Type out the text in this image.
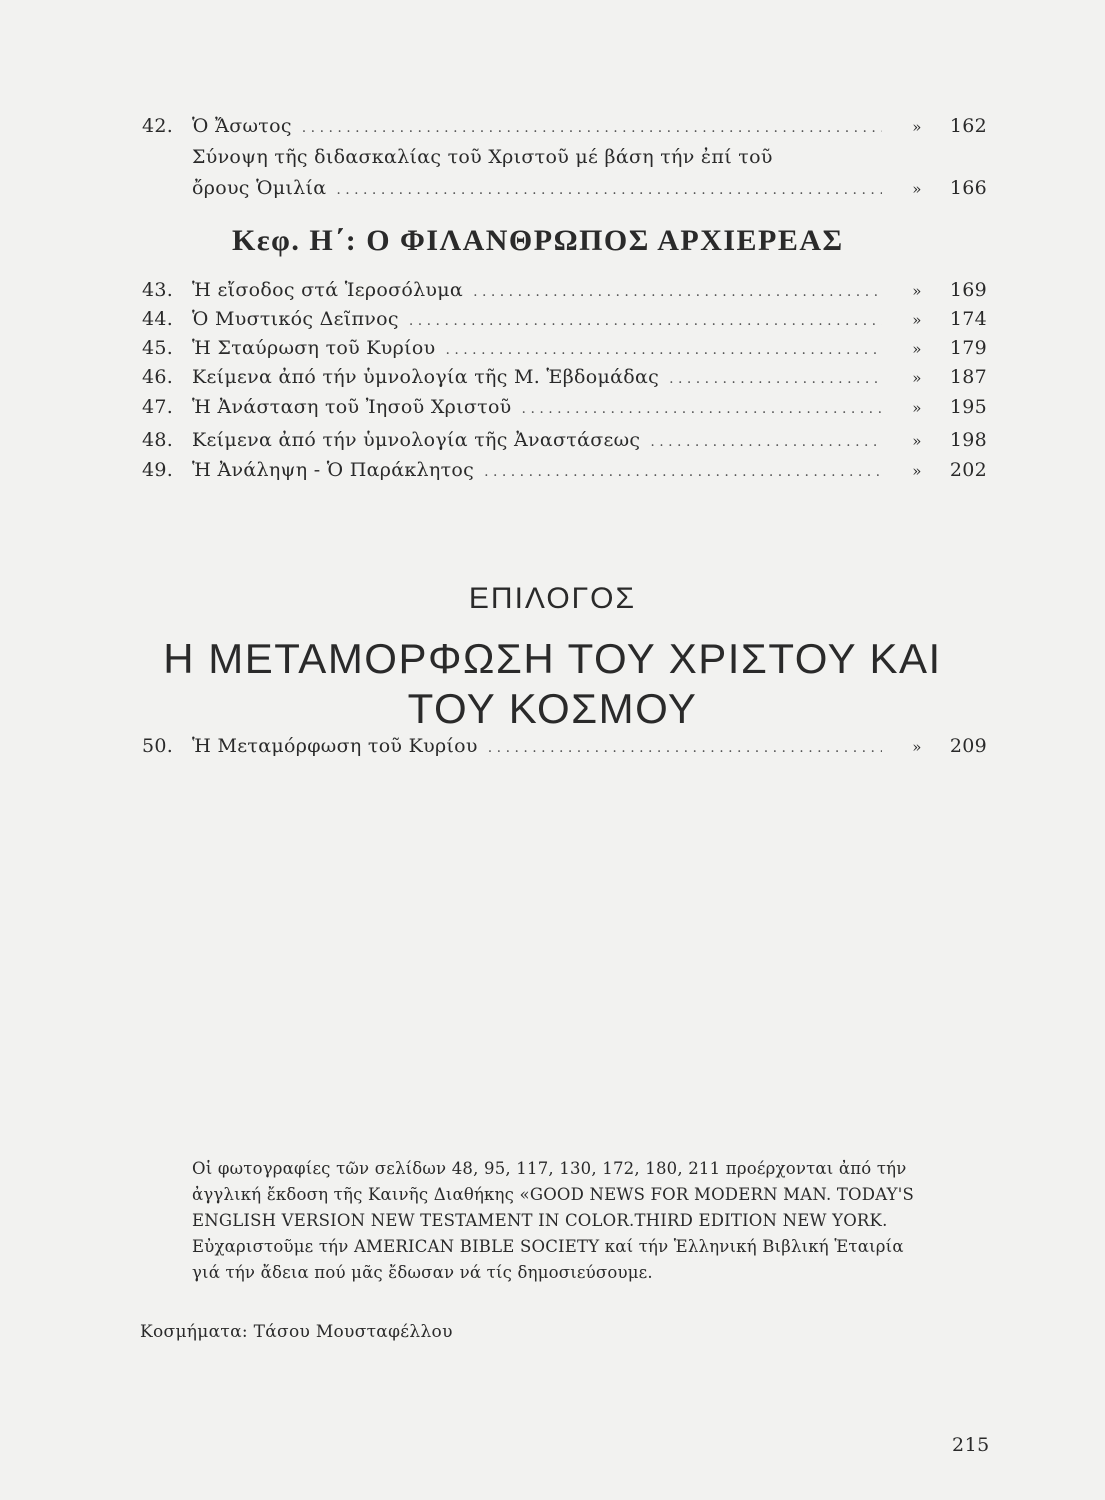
42. Ὁ Ἄσωτος . . .	»	162
Σύνοψη τῆς διδασκαλίας τοῦ Χριστοῦ μέ βάση τήν ἐπί τοῦ
ὄρους Ὁμιλία . . .	»	166
Κεφ. Η΄: Ο ΦΙΛΑΝΘΡΩΠΟΣ ΑΡΧΙΕΡΕΑΣ
43. Ἡ εἴσοδος στά Ἱεροσόλυμα . . .	»	169
44. Ὁ Μυστικός Δεῖπνος . . .	»	174
45. Ἡ Σταύρωση τοῦ Κυρίου . . .	»	179
46. Κείμενα ἀπό τήν ὑμνολογία τῆς Μ. Ἑβδομάδας . . .	»	187
47. Ἡ Ἀνάσταση τοῦ Ἰησοῦ Χριστοῦ . . .	»	195
48. Κείμενα ἀπό τήν ὑμνολογία τῆς Ἀναστάσεως . . .	»	198
49. Ἡ Ἀνάληψη - Ὁ Παράκλητος . . .	»	202
ΕΠΙΛΟΓΟΣ
Η ΜΕΤΑΜΟΡΦΩΣΗ ΤΟΥ ΧΡΙΣΤΟΥ ΚΑΙ
ΤΟΥ ΚΟΣΜΟΥ
50. Ἡ Μεταμόρφωση τοῦ Κυρίου . . .	»	209
Οἱ φωτογραφίες τῶν σελίδων 48, 95, 117, 130, 172, 180, 211 προέρχονται ἀπό τήν
ἀγγλική ἔκδοση τῆς Καινῆς Διαθήκης «GOOD NEWS FOR MODERN MAN. TODAY'S
ENGLISH VERSION NEW TESTAMENT IN COLOR.THIRD EDITION NEW YORK.
Εὐχαριστοῦμε τήν AMERICAN BIBLE SOCIETY καί τήν Ἑλληνική Βιβλική Ἑταιρία
γιά τήν ἄδεια πού μᾶς ἔδωσαν νά τίς δημοσιεύσουμε.
Κοσμήματα: Τάσου Μουσταφέλλου
215
